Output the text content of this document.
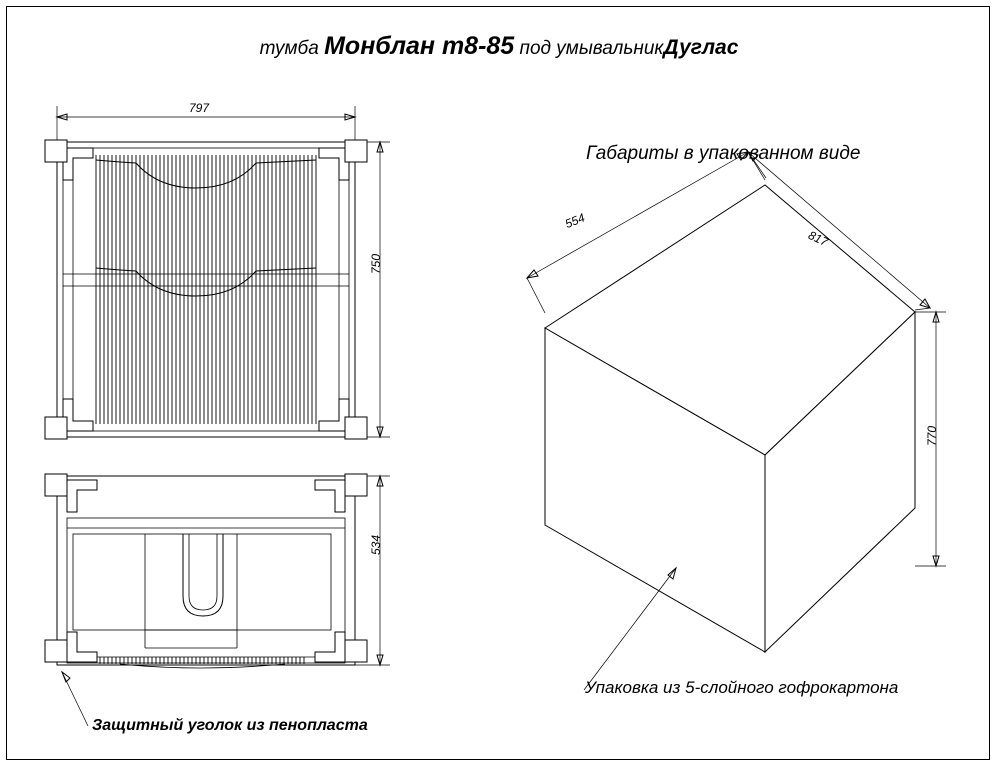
тумба Монблан т8-85 под умывальникДуглас
Габариты в упакованном виде
Упаковка из 5-слойного гофрокартона
Защитный уголок из пенопласта
797
750
534
554
817
770
